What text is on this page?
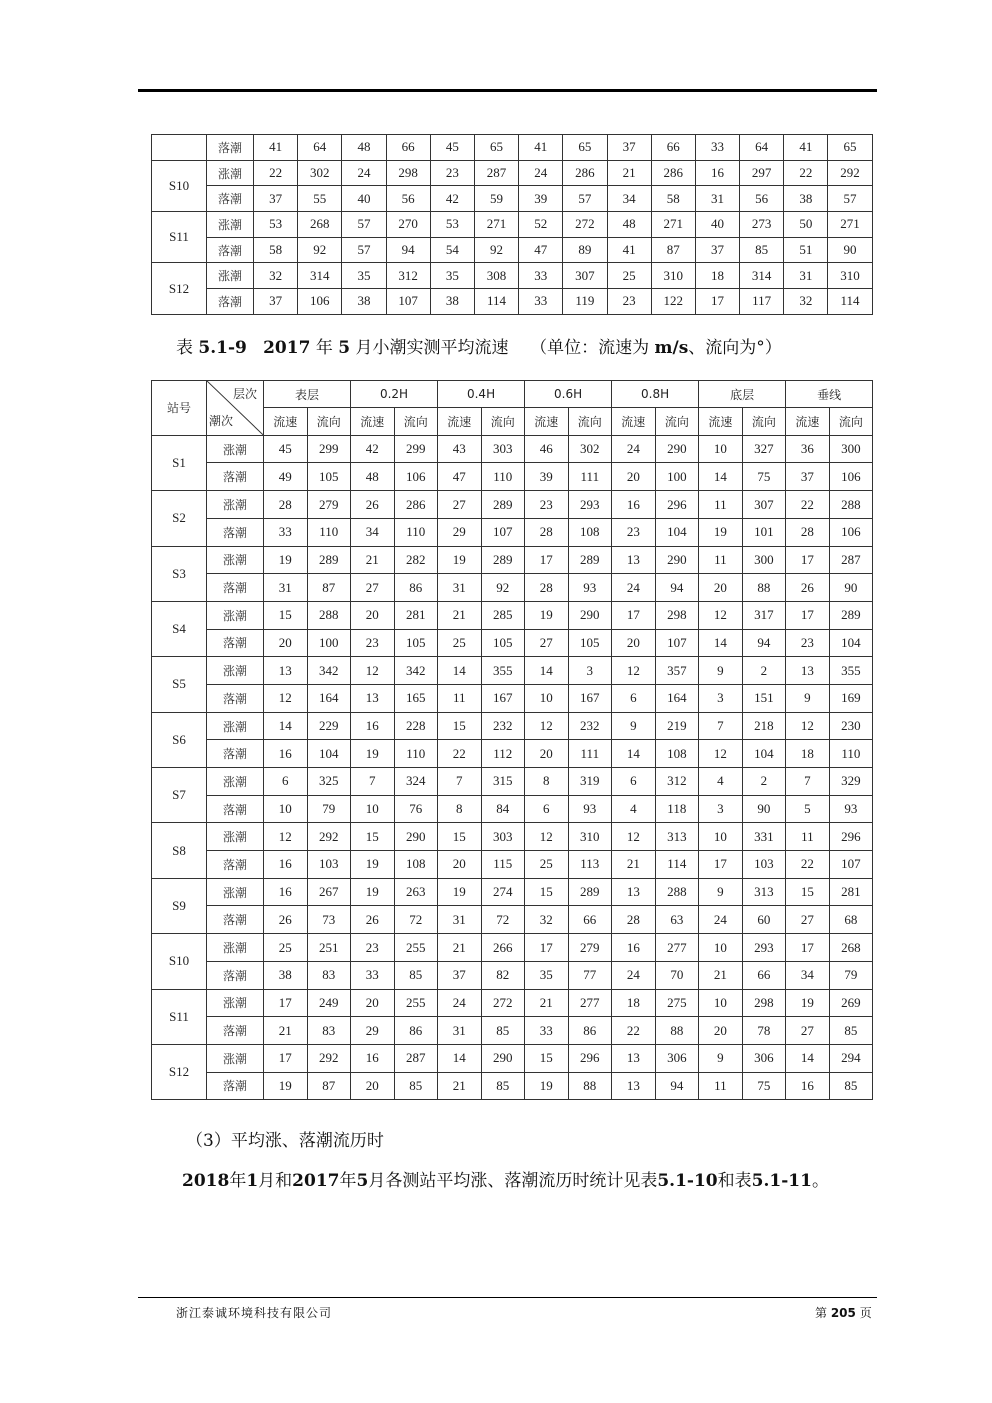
	落潮	41	64	48	66	45	65	41	65	37	66	33	64	41	65
S10	涨潮	22	302	24	298	23	287	24	286	21	286	16	297	22	292
	落潮	37	55	40	56	42	59	39	57	34	58	31	56	38	57
S11	涨潮	53	268	57	270	53	271	52	272	48	271	40	273	50	271
	落潮	58	92	57	94	54	92	47	89	41	87	37	85	51	90
S12	涨潮	32	314	35	312	35	308	33	307	25	310	18	314	31	310
	落潮	37	106	38	107	38	114	33	119	23	122	17	117	32	114
表 5.1-9 2017 年 5 月小潮实测平均流速    （单位：流速为 m/s、流向为°）
站号	层次
潮次	表层		0.2H		0.4H		0.6H		0.8H		底层		垂线	
		流速	流向	流速	流向	流速	流向	流速	流向	流速	流向	流速	流向	流速	流向
S1	涨潮	45	299	42	299	43	303	46	302	24	290	10	327	36	300
	落潮	49	105	48	106	47	110	39	111	20	100	14	75	37	106
S2	涨潮	28	279	26	286	27	289	23	293	16	296	11	307	22	288
	落潮	33	110	34	110	29	107	28	108	23	104	19	101	28	106
S3	涨潮	19	289	21	282	19	289	17	289	13	290	11	300	17	287
	落潮	31	87	27	86	31	92	28	93	24	94	20	88	26	90
S4	涨潮	15	288	20	281	21	285	19	290	17	298	12	317	17	289
	落潮	20	100	23	105	25	105	27	105	20	107	14	94	23	104
S5	涨潮	13	342	12	342	14	355	14	3	12	357	9	2	13	355
	落潮	12	164	13	165	11	167	10	167	6	164	3	151	9	169
S6	涨潮	14	229	16	228	15	232	12	232	9	219	7	218	12	230
	落潮	16	104	19	110	22	112	20	111	14	108	12	104	18	110
S7	涨潮	6	325	7	324	7	315	8	319	6	312	4	2	7	329
	落潮	10	79	10	76	8	84	6	93	4	118	3	90	5	93
S8	涨潮	12	292	15	290	15	303	12	310	12	313	10	331	11	296
	落潮	16	103	19	108	20	115	25	113	21	114	17	103	22	107
S9	涨潮	16	267	19	263	19	274	15	289	13	288	9	313	15	281
	落潮	26	73	26	72	31	72	32	66	28	63	24	60	27	68
S10	涨潮	25	251	23	255	21	266	17	279	16	277	10	293	17	268
	落潮	38	83	33	85	37	82	35	77	24	70	21	66	34	79
S11	涨潮	17	249	20	255	24	272	21	277	18	275	10	298	19	269
	落潮	21	83	29	86	31	85	33	86	22	88	20	78	27	85
S12	涨潮	17	292	16	287	14	290	15	296	13	306	9	306	14	294
	落潮	19	87	20	85	21	85	19	88	13	94	11	75	16	85
（3）平均涨、落潮流历时
2018年1月和2017年5月各测站平均涨、落潮流历时统计见表5.1-10和表5.1-11。
浙江泰诚环境科技有限公司	第 205 页
